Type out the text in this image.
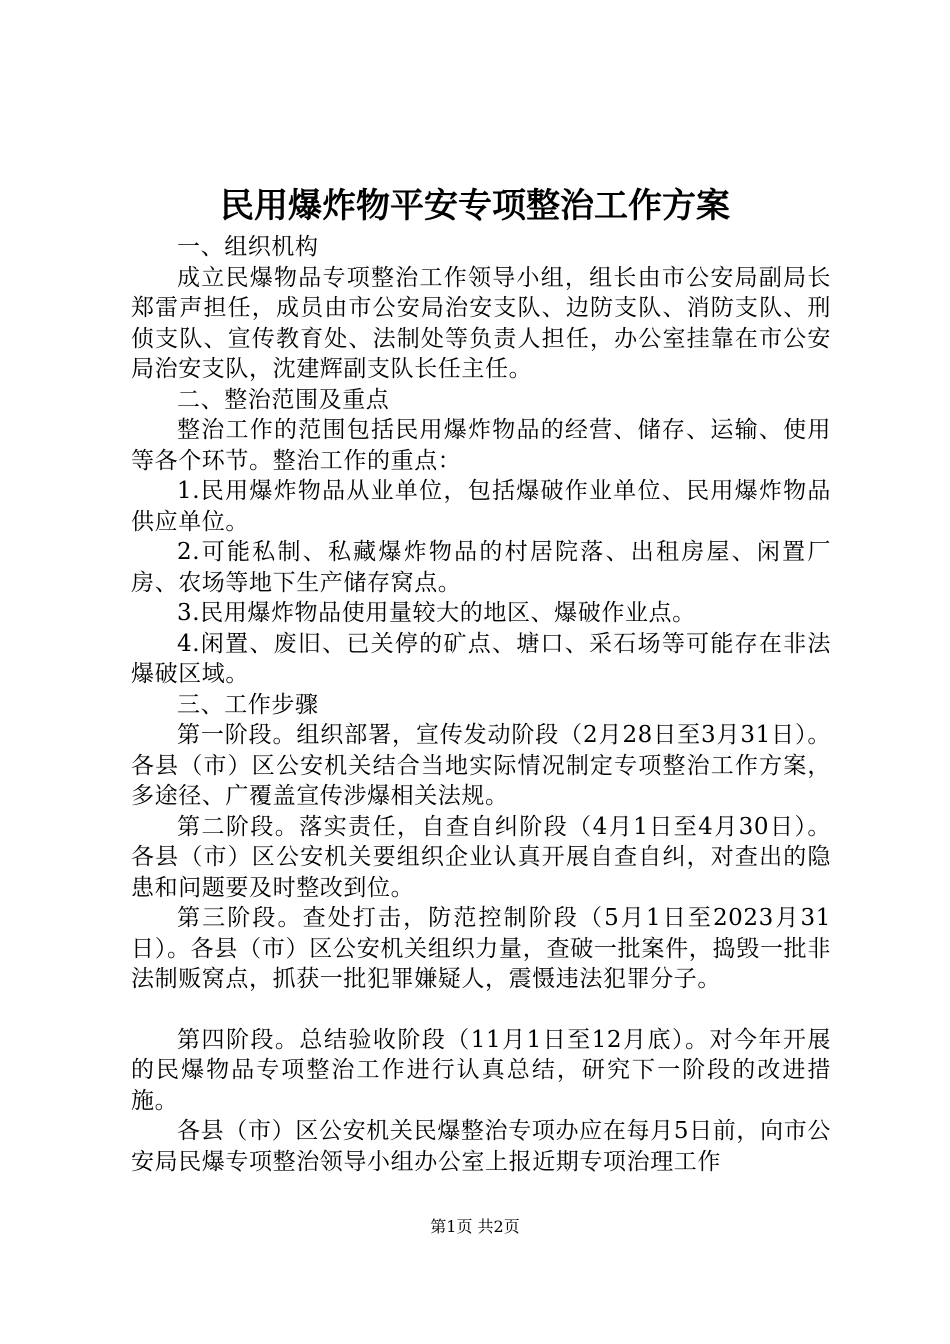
民用爆炸物平安专项整治工作方案

一、组织机构

成立民爆物品专项整治工作领导小组，组长由市公安局副局长郑雷声担任，成员由市公安局治安支队、边防支队、消防支队、刑侦支队、宣传教育处、法制处等负责人担任，办公室挂靠在市公安局治安支队，沈建辉副支队长任主任。

二、整治范围及重点

整治工作的范围包括民用爆炸物品的经营、储存、运输、使用等各个环节。整治工作的重点：

1.民用爆炸物品从业单位，包括爆破作业单位、民用爆炸物品供应单位。

2.可能私制、私藏爆炸物品的村居院落、出租房屋、闲置厂房、农场等地下生产储存窝点。

3.民用爆炸物品使用量较大的地区、爆破作业点。

4.闲置、废旧、已关停的矿点、塘口、采石场等可能存在非法爆破区域。

三、工作步骤

第一阶段。组织部署，宣传发动阶段（2月28日至3月31日）。各县（市）区公安机关结合当地实际情况制定专项整治工作方案，多途径、广覆盖宣传涉爆相关法规。

第二阶段。落实责任，自查自纠阶段（4月1日至4月30日）。各县（市）区公安机关要组织企业认真开展自查自纠，对查出的隐患和问题要及时整改到位。

第三阶段。查处打击，防范控制阶段（5月1日至2023月31日）。各县（市）区公安机关组织力量，查破一批案件，捣毁一批非法制贩窝点，抓获一批犯罪嫌疑人，震慑违法犯罪分子。

第四阶段。总结验收阶段（11月1日至12月底）。对今年开展的民爆物品专项整治工作进行认真总结，研究下一阶段的改进措施。

各县（市）区公安机关民爆整治专项办应在每月5日前，向市公安局民爆专项整治领导小组办公室上报近期专项治理工作

第1页 共2页
